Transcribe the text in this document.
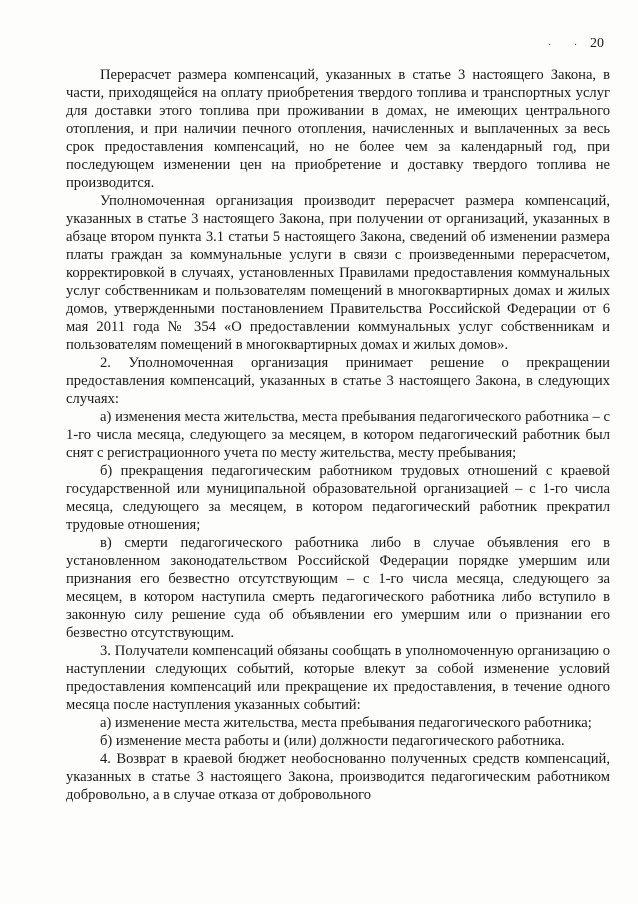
· · 20

Перерасчет размера компенсаций, указанных в статье 3 настоящего Закона, в части, приходящейся на оплату приобретения твердого топлива и транспортных услуг для доставки этого топлива при проживании в домах, не имеющих центрального отопления, и при наличии печного отопления, начисленных и выплаченных за весь срок предоставления компенсаций, но не более чем за календарный год, при последующем изменении цен на приобретение и доставку твердого топлива не производится.

Уполномоченная организация производит перерасчет размера компенсаций, указанных в статье 3 настоящего Закона, при получении от организаций, указанных в абзаце втором пункта 3.1 статьи 5 настоящего Закона, сведений об изменении размера платы граждан за коммунальные услуги в связи с произведенными перерасчетом, корректировкой в случаях, установленных Правилами предоставления коммунальных услуг собственникам и пользователям помещений в многоквартирных домах и жилых домов, утвержденными постановлением Правительства Российской Федерации от 6 мая 2011 года № 354 «О предоставлении коммунальных услуг собственникам и пользователям помещений в многоквартирных домах и жилых домов».

2. Уполномоченная организация принимает решение о прекращении предоставления компенсаций, указанных в статье 3 настоящего Закона, в следующих случаях:

а) изменения места жительства, места пребывания педагогического работника – с 1-го числа месяца, следующего за месяцем, в котором педагогический работник был снят с регистрационного учета по месту жительства, месту пребывания;

б) прекращения педагогическим работником трудовых отношений с краевой государственной или муниципальной образовательной организацией – с 1-го числа месяца, следующего за месяцем, в котором педагогический работник прекратил трудовые отношения;

в) смерти педагогического работника либо в случае объявления его в установленном законодательством Российской Федерации порядке умершим или признания его безвестно отсутствующим – с 1-го числа месяца, следующего за месяцем, в котором наступила смерть педагогического работника либо вступило в законную силу решение суда об объявлении его умершим или о признании его безвестно отсутствующим.

3. Получатели компенсаций обязаны сообщать в уполномоченную организацию о наступлении следующих событий, которые влекут за собой изменение условий предоставления компенсаций или прекращение их предоставления, в течение одного месяца после наступления указанных событий:

а) изменение места жительства, места пребывания педагогического работника;

б) изменение места работы и (или) должности педагогического работника.

4. Возврат в краевой бюджет необоснованно полученных средств компенсаций, указанных в статье 3 настоящего Закона, производится педагогическим работником добровольно, а в случае отказа от добровольного
